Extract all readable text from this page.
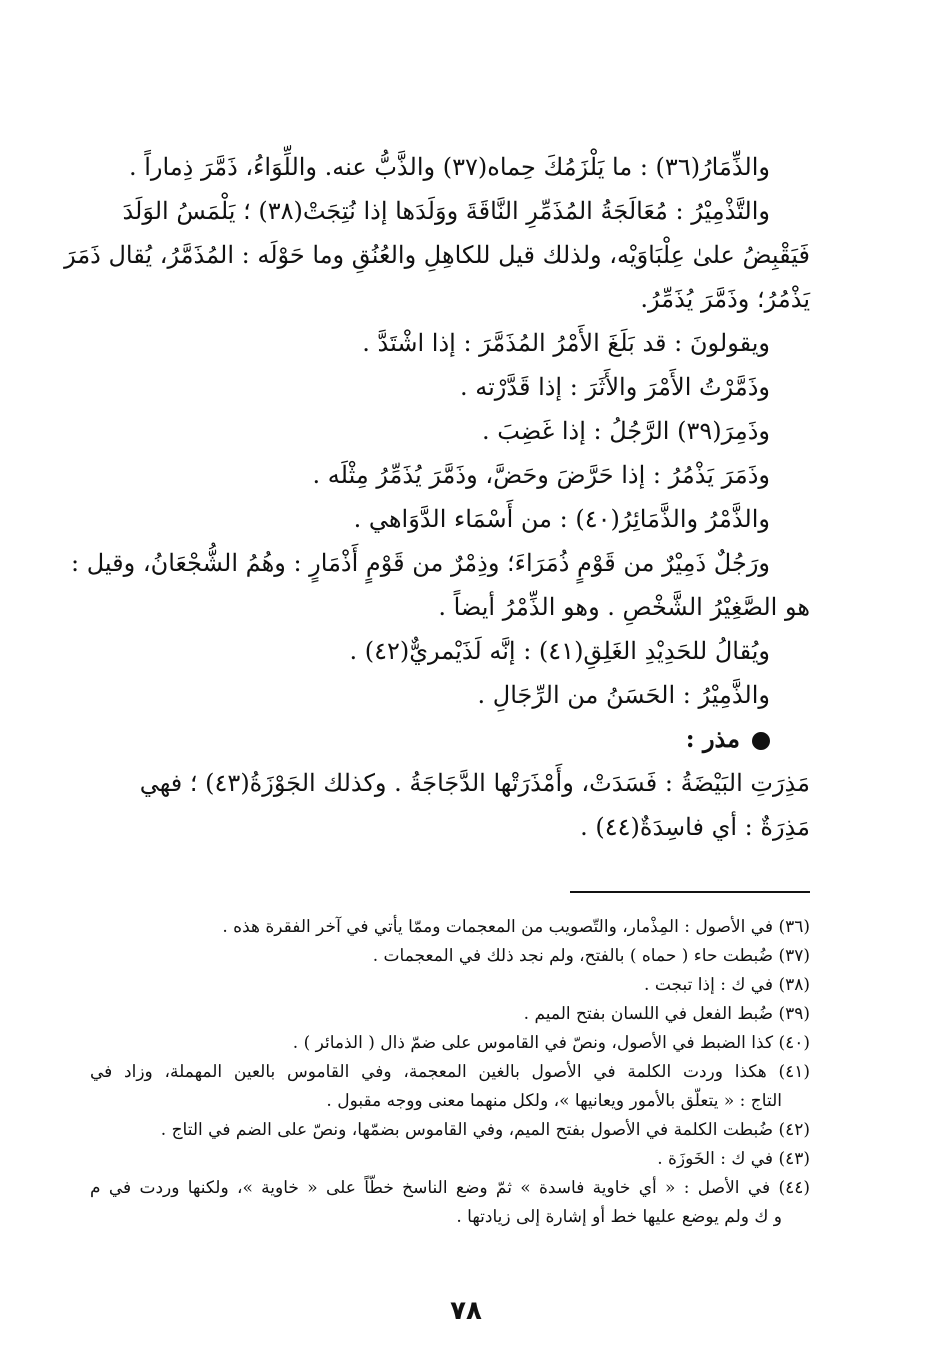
والذِّمَارُ(٣٦) : ما يَلْزَمُكَ حِماه(٣٧) والذَّبُّ عنه. واللِّوَاءُ، ذَمَّرَ ذِماراً .
والتَّذْمِيْرُ : مُعَالَجَةُ المُذَمِّرِ النَّاقَةَ ووَلَدَها إذا نُتِجَتْ(٣٨) ؛ يَلْمَسُ الوَلَدَ
فَيَقْبِضُ علىٰ عِلْبَاوَيْه، ولذلك قيل للكاهِلِ والعُنُقِ وما حَوْلَه : المُذَمَّرُ، يُقال ذَمَرَ
يَذْمُرُ؛ وذَمَّرَ يُذَمِّرُ.
ويقولونَ : قد بَلَغَ الأَمْرُ المُذَمَّرَ : إذا اشْتَدَّ .
وذَمَّرْتُ الأَمْرَ والأَثَرَ : إذا قَدَّرْته .
وذَمِرَ(٣٩) الرَّجُلُ : إذا غَضِبَ .
وذَمَرَ يَذْمُرُ : إذا حَرَّضَ وحَضَّ، وذَمَّرَ يُذَمِّرُ مِثْلَه .
والذَّمْرُ والذَّمَائِرُ(٤٠) : من أَسْمَاء الدَّوَاهي .
ورَجُلٌ ذَمِيْرٌ من قَوْمٍ ذُمَرَاءَ؛ وذِمْرٌ من قَوْمٍ أَذْمَارٍ : وهُمُ الشُّجْعَانُ، وقيل :
هو الصَّغِيْرُ الشَّخْصِ . وهو الذِّمْرُ أيضاً .
ويُقالُ للحَدِيْدِ الغَلِقِ(٤١) : إنَّه لَذَيْمريٌّ(٤٢) .
والذَّمِيْرُ : الحَسَنُ من الرِّجَالِ .
مذر :
مَذِرَتِ البَيْضَةُ : فَسَدَتْ، وأَمْذَرَتْها الدَّجَاجَةُ . وكذلك الجَوْزَةُ(٤٣) ؛ فهي
مَذِرَةٌ : أي فاسِدَةٌ(٤٤) .
(٣٦) في الأصول : المِذْمار، والتّصويب من المعجمات وممّا يأتي في آخر الفقرة هذه .
(٣٧) ضُبطت حاء ( حماه ) بالفتح، ولم نجد ذلك في المعجمات .
(٣٨) في ك : إذا تبجت .
(٣٩) ضُبط الفعل في اللسان بفتح الميم .
(٤٠) كذا الضبط في الأصول، ونصّ في القاموس على ضمّ ذال ( الذمائر ) .
(٤١) هكذا وردت الكلمة في الأصول بالغين المعجمة، وفي القاموس بالعين المهملة، وزاد في
التاج : « يتعلّق بالأمور ويعانيها »، ولكل منهما معنى ووجه مقبول .
(٤٢) ضُبطت الكلمة في الأصول بفتح الميم، وفي القاموس بضمّها، ونصّ على الضم في التاج .
(٤٣) في ك : الخَوزَة .
(٤٤) في الأصل : « أي خاوية فاسدة » ثمّ وضع الناسخ خطّاً على « خاوية »، ولكنها وردت في م
و ك ولم يوضع عليها خط أو إشارة إلى زيادتها .
٧٨
